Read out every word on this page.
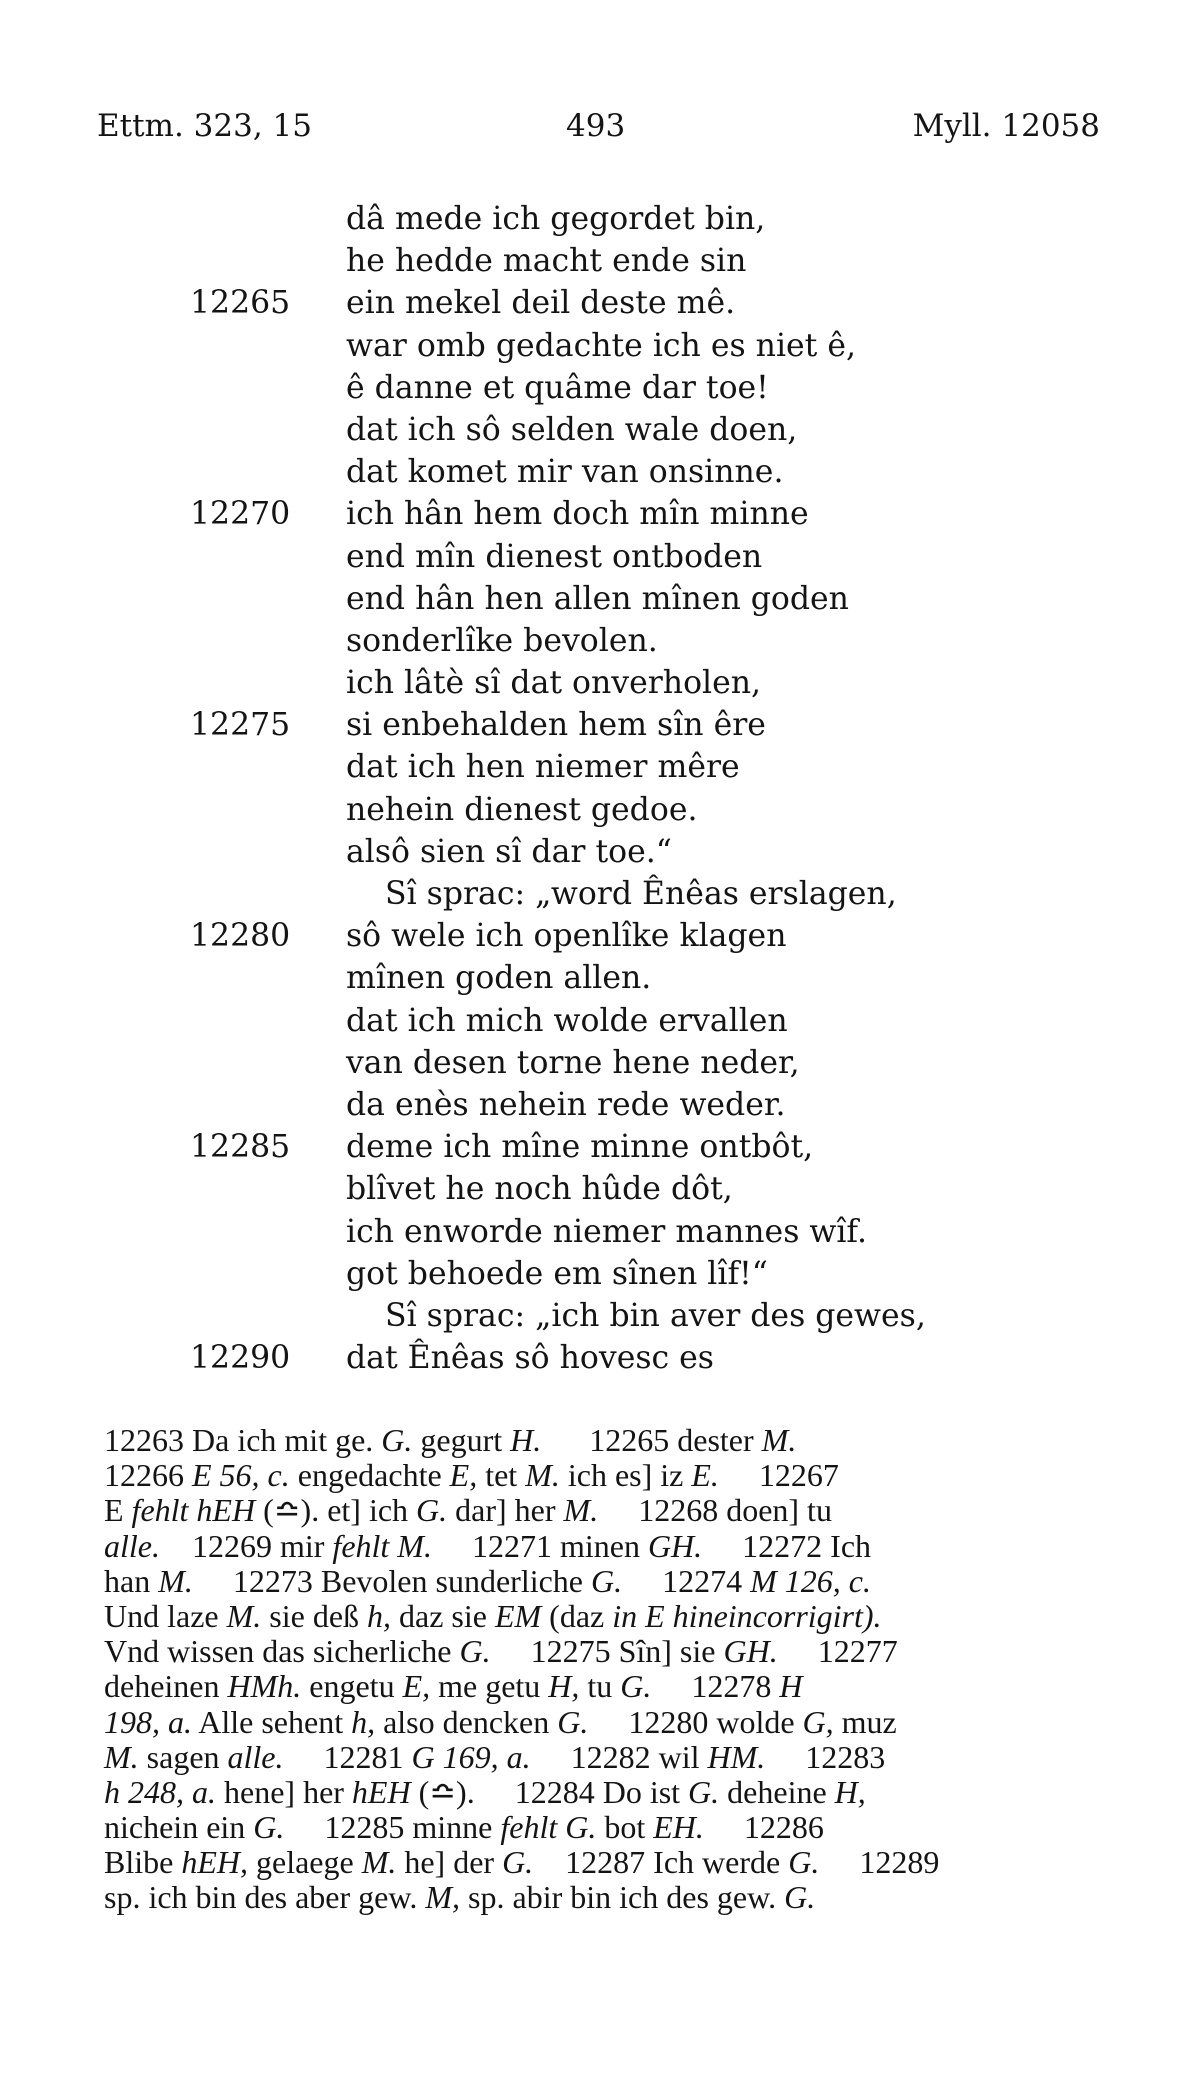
Ettm. 323, 15	493	Myll. 12058
dâ mede ich gegordet bin,
he hedde macht ende sin
12265	ein mekel deil deste mê.
war omb gedachte ich es niet ê,
ê danne et quâme dar toe!
dat ich sô selden wale doen,
dat komet mir van onsinne.
12270	ich hân hem doch mîn minne
end mîn dienest ontboden
end hân hen allen mînen goden
sonderlîke bevolen.
ich lâtè sî dat onverholen,
12275	si enbehalden hem sîn êre
dat ich hen niemer mêre
nehein dienest gedoe.
alsô sien sî dar toe.“
Sî sprac: „word Ênêas erslagen,
12280	sô wele ich openlîke klagen
mînen goden allen.
dat ich mich wolde ervallen
van desen torne hene neder,
da enès nehein rede weder.
12285	deme ich mîne minne ontbôt,
blîvet he noch hûde dôt,
ich enworde niemer mannes wîf.
got behoede em sînen lîf!“
Sî sprac: „ich bin aver des gewes,
12290	dat Ênêas sô hovesc es
12263 Da ich mit ge. G. gegurt H.      12265 dester M.
12266 E 56, c. engedachte E, tet M. ich es] iz E.     12267
E fehlt hEH (≏). et] ich G. dar] her M.     12268 doen] tu
alle.    12269 mir fehlt M.     12271 minen GH.     12272 Ich
han M.     12273 Bevolen sunderliche G.     12274 M 126, c.
Und laze M. sie deß h, daz sie EM (daz in E hineincorrigirt).
Vnd wissen das sicherliche G.     12275 Sîn] sie GH.     12277
deheinen HMh. engetu E, me getu H, tu G.     12278 H
198, a. Alle sehent h, also dencken G.     12280 wolde G, muz
M. sagen alle.     12281 G 169, a.     12282 wil HM.     12283
h 248, a. hene] her hEH (≏).     12284 Do ist G. deheine H,
nichein ein G.     12285 minne fehlt G. bot EH.     12286
Blibe hEH, gelaege M. he] der G.    12287 Ich werde G.     12289
sp. ich bin des aber gew. M, sp. abir bin ich des gew. G.
